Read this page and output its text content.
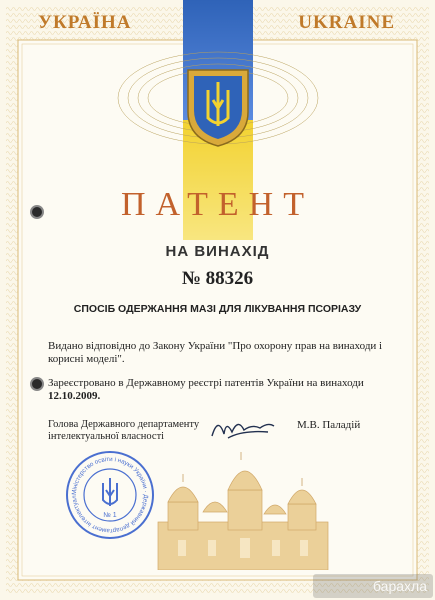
УКРАЇНА	UKRAINE
ПАТЕНТ
НА ВИНАХІД
№ 88326
СПОСІБ ОДЕРЖАННЯ МАЗІ ДЛЯ ЛІКУВАННЯ ПСОРІАЗУ
Видано відповідно до Закону України "Про охорону прав на винаходи і корисні моделі".
Зареєстровано в Державному реєстрі патентів України на винаходи
12.10.2009.
Голова Державного департаменту інтелектуальної власності
М.В. Паладій
Міністерство освіти і науки України · Державний департамент інтелектуал
№ 1
барахла
